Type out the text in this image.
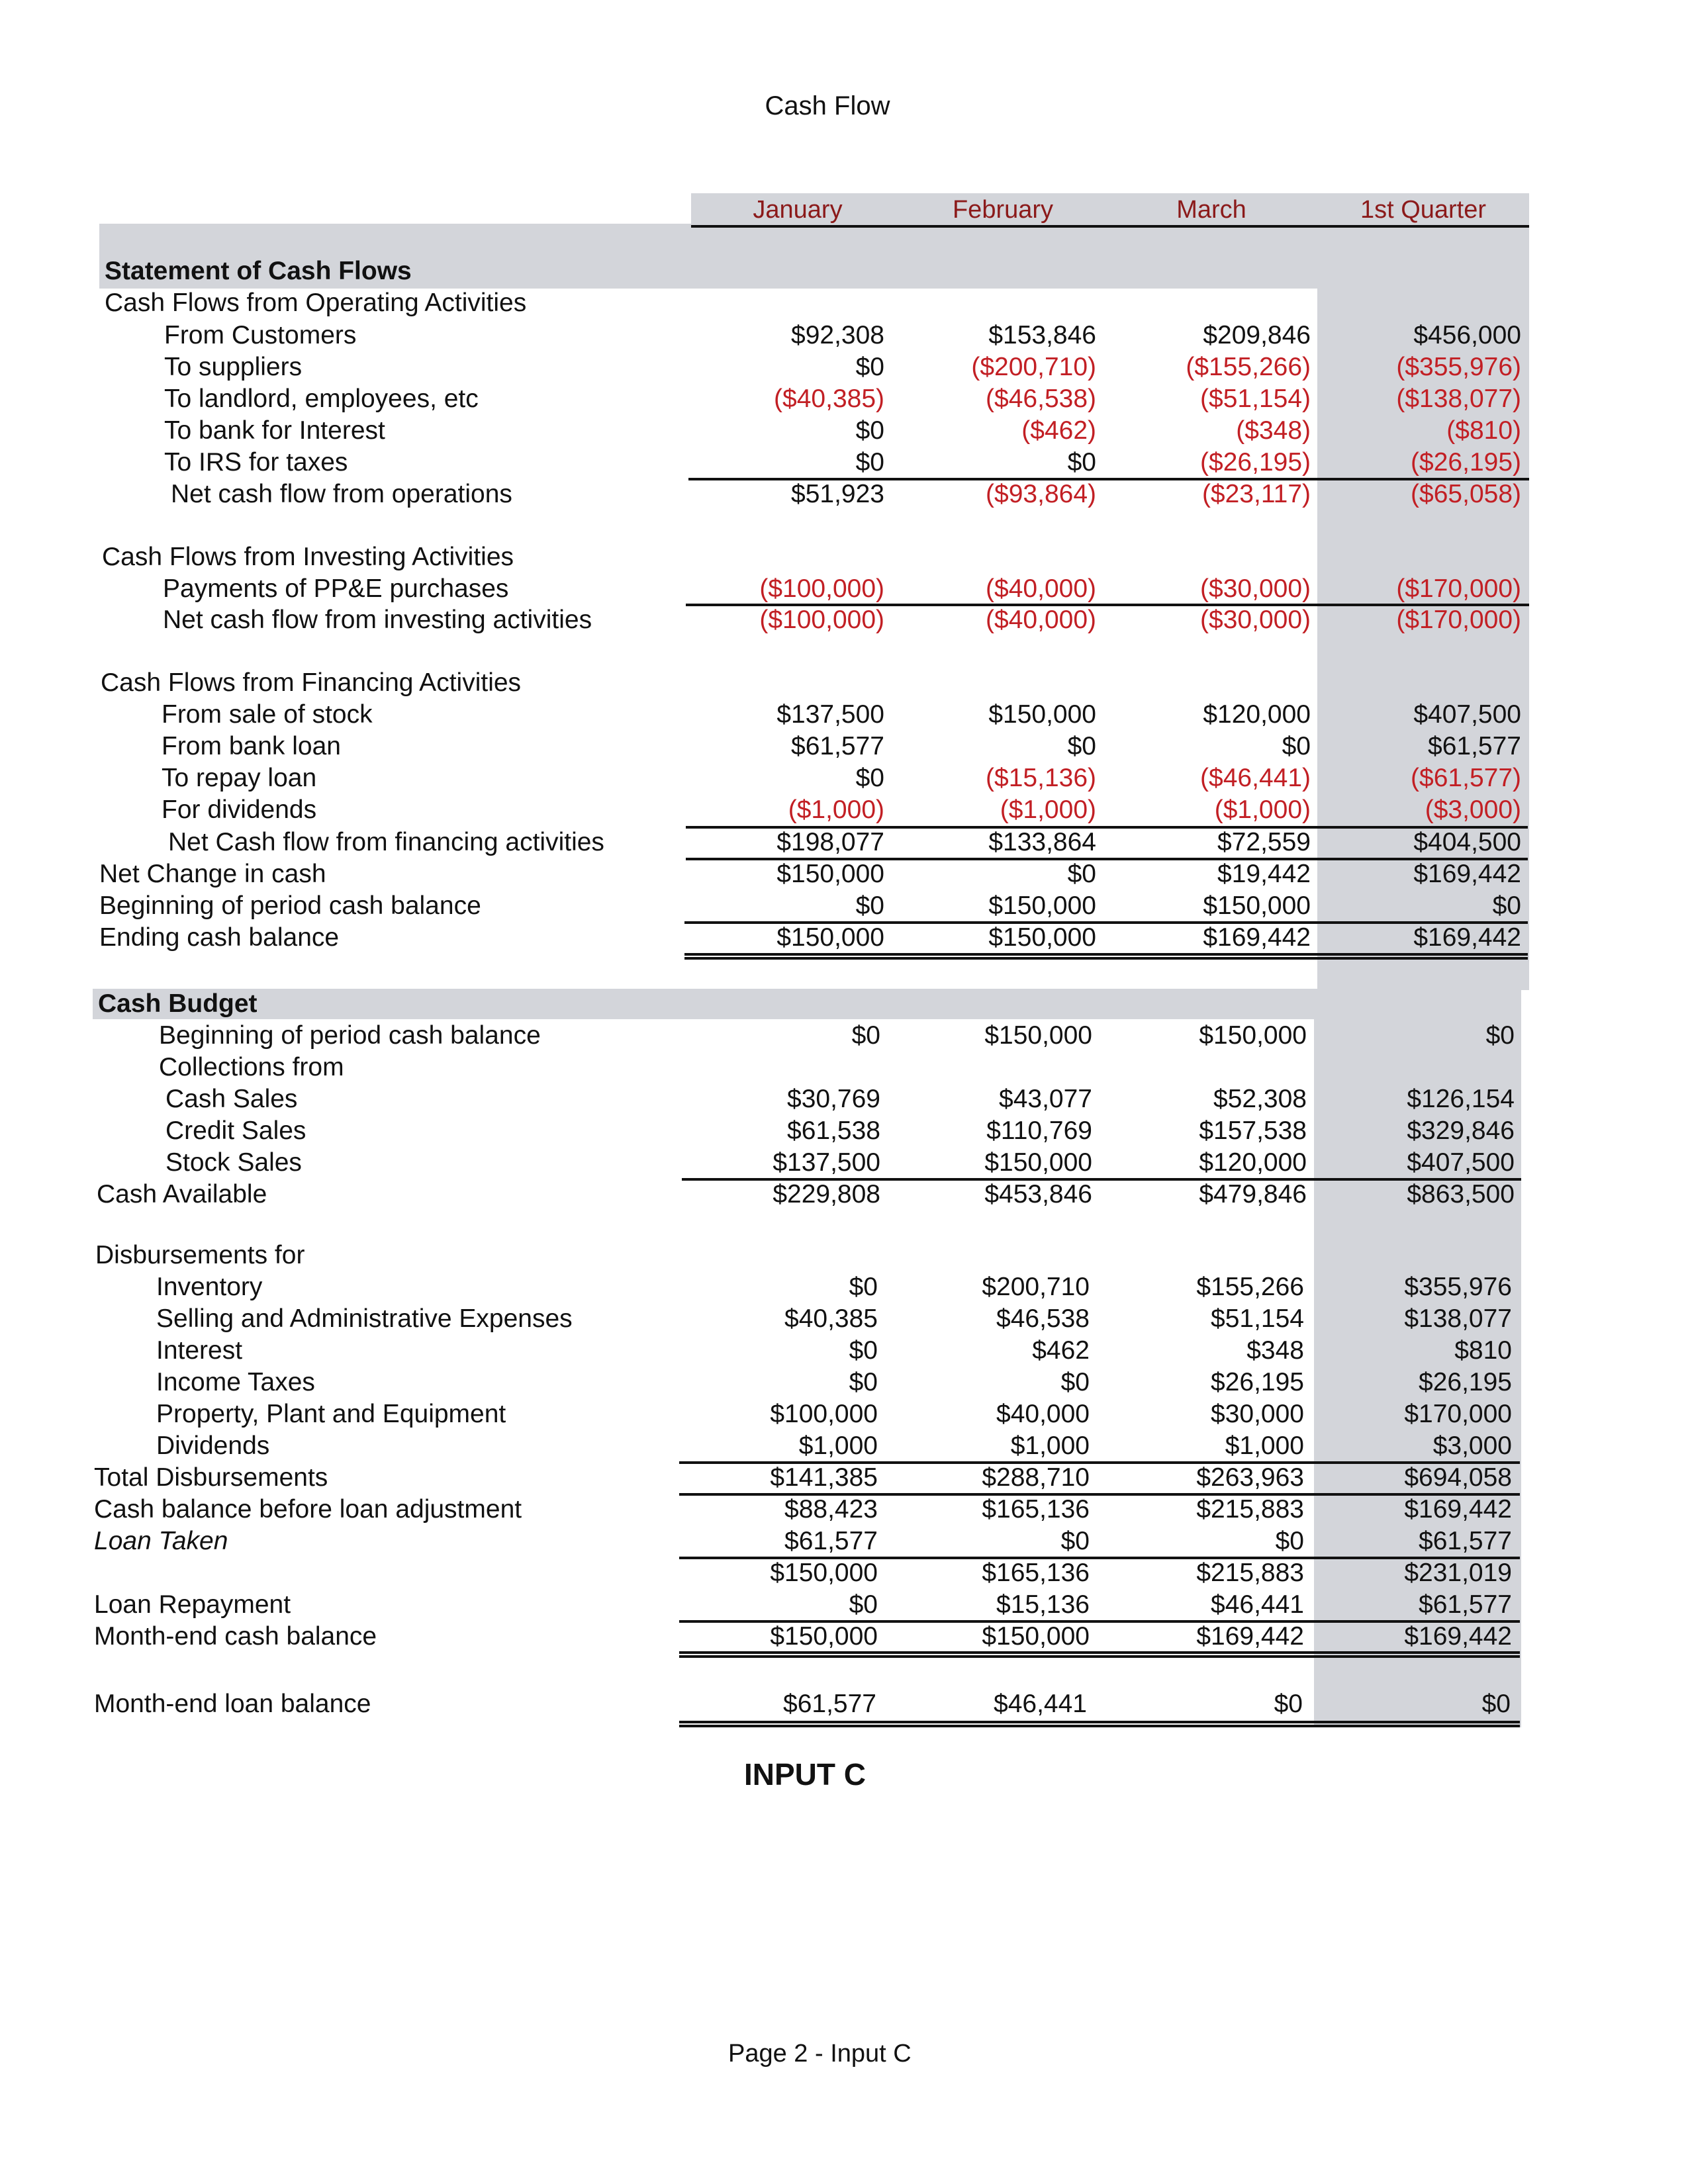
Cash Flow
January	February	March	1st Quarter
Statement of Cash Flows
Cash Flows from Operating Activities
From Customers	$92,308	$153,846	$209,846	$456,000
To suppliers	$0	($200,710)	($155,266)	($355,976)
To landlord, employees, etc	($40,385)	($46,538)	($51,154)	($138,077)
To bank for Interest	$0	($462)	($348)	($810)
To IRS for taxes	$0	$0	($26,195)	($26,195)
Net cash flow from operations	$51,923	($93,864)	($23,117)	($65,058)
Cash Flows from Investing Activities
Payments of PP&E purchases	($100,000)	($40,000)	($30,000)	($170,000)
Net cash flow from investing activities	($100,000)	($40,000)	($30,000)	($170,000)
Cash Flows from Financing Activities
From sale of stock	$137,500	$150,000	$120,000	$407,500
From bank loan	$61,577	$0	$0	$61,577
To repay loan	$0	($15,136)	($46,441)	($61,577)
For dividends	($1,000)	($1,000)	($1,000)	($3,000)
Net Cash flow from financing activities	$198,077	$133,864	$72,559	$404,500
Net Change in cash	$150,000	$0	$19,442	$169,442
Beginning of period cash balance	$0	$150,000	$150,000	$0
Ending cash balance	$150,000	$150,000	$169,442	$169,442
Cash Budget
Beginning of period cash balance	$0	$150,000	$150,000	$0
Collections from
Cash Sales	$30,769	$43,077	$52,308	$126,154
Credit Sales	$61,538	$110,769	$157,538	$329,846
Stock Sales	$137,500	$150,000	$120,000	$407,500
Cash Available	$229,808	$453,846	$479,846	$863,500
Disbursements for
Inventory	$0	$200,710	$155,266	$355,976
Selling and Administrative Expenses	$40,385	$46,538	$51,154	$138,077
Interest	$0	$462	$348	$810
Income Taxes	$0	$0	$26,195	$26,195
Property, Plant and Equipment	$100,000	$40,000	$30,000	$170,000
Dividends	$1,000	$1,000	$1,000	$3,000
Total Disbursements	$141,385	$288,710	$263,963	$694,058
Cash balance before loan adjustment	$88,423	$165,136	$215,883	$169,442
Loan Taken	$61,577	$0	$0	$61,577
$150,000	$165,136	$215,883	$231,019
Loan Repayment	$0	$15,136	$46,441	$61,577
Month-end cash balance	$150,000	$150,000	$169,442	$169,442
Month-end loan balance	$61,577	$46,441	$0	$0
INPUT C
Page 2 - Input C
